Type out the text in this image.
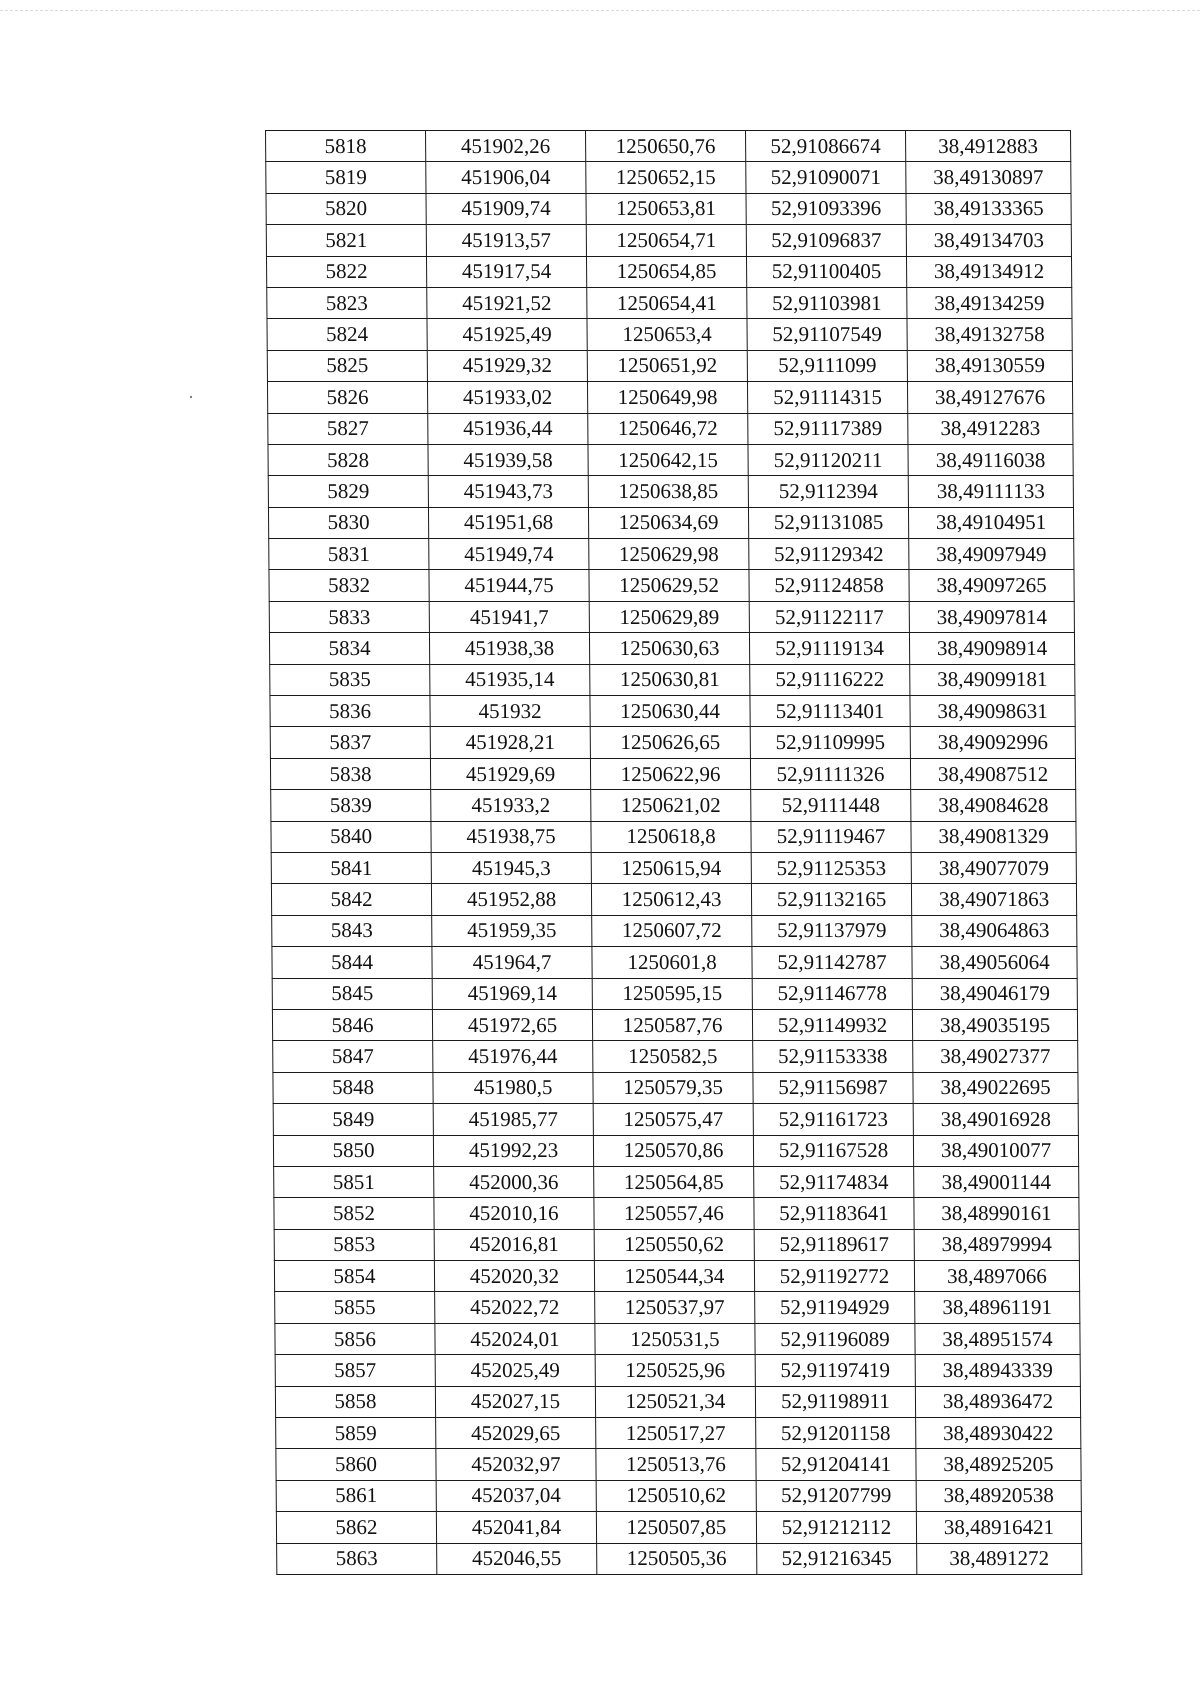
5818	451902,26	1250650,76	52,91086674	38,4912883
5819	451906,04	1250652,15	52,91090071	38,49130897
5820	451909,74	1250653,81	52,91093396	38,49133365
5821	451913,57	1250654,71	52,91096837	38,49134703
5822	451917,54	1250654,85	52,91100405	38,49134912
5823	451921,52	1250654,41	52,91103981	38,49134259
5824	451925,49	1250653,4	52,91107549	38,49132758
5825	451929,32	1250651,92	52,9111099	38,49130559
5826	451933,02	1250649,98	52,91114315	38,49127676
5827	451936,44	1250646,72	52,91117389	38,4912283
5828	451939,58	1250642,15	52,91120211	38,49116038
5829	451943,73	1250638,85	52,9112394	38,49111133
5830	451951,68	1250634,69	52,91131085	38,49104951
5831	451949,74	1250629,98	52,91129342	38,49097949
5832	451944,75	1250629,52	52,91124858	38,49097265
5833	451941,7	1250629,89	52,91122117	38,49097814
5834	451938,38	1250630,63	52,91119134	38,49098914
5835	451935,14	1250630,81	52,91116222	38,49099181
5836	451932	1250630,44	52,91113401	38,49098631
5837	451928,21	1250626,65	52,91109995	38,49092996
5838	451929,69	1250622,96	52,91111326	38,49087512
5839	451933,2	1250621,02	52,9111448	38,49084628
5840	451938,75	1250618,8	52,91119467	38,49081329
5841	451945,3	1250615,94	52,91125353	38,49077079
5842	451952,88	1250612,43	52,91132165	38,49071863
5843	451959,35	1250607,72	52,91137979	38,49064863
5844	451964,7	1250601,8	52,91142787	38,49056064
5845	451969,14	1250595,15	52,91146778	38,49046179
5846	451972,65	1250587,76	52,91149932	38,49035195
5847	451976,44	1250582,5	52,91153338	38,49027377
5848	451980,5	1250579,35	52,91156987	38,49022695
5849	451985,77	1250575,47	52,91161723	38,49016928
5850	451992,23	1250570,86	52,91167528	38,49010077
5851	452000,36	1250564,85	52,91174834	38,49001144
5852	452010,16	1250557,46	52,91183641	38,48990161
5853	452016,81	1250550,62	52,91189617	38,48979994
5854	452020,32	1250544,34	52,91192772	38,4897066
5855	452022,72	1250537,97	52,91194929	38,48961191
5856	452024,01	1250531,5	52,91196089	38,48951574
5857	452025,49	1250525,96	52,91197419	38,48943339
5858	452027,15	1250521,34	52,91198911	38,48936472
5859	452029,65	1250517,27	52,91201158	38,48930422
5860	452032,97	1250513,76	52,91204141	38,48925205
5861	452037,04	1250510,62	52,91207799	38,48920538
5862	452041,84	1250507,85	52,91212112	38,48916421
5863	452046,55	1250505,36	52,91216345	38,4891272
